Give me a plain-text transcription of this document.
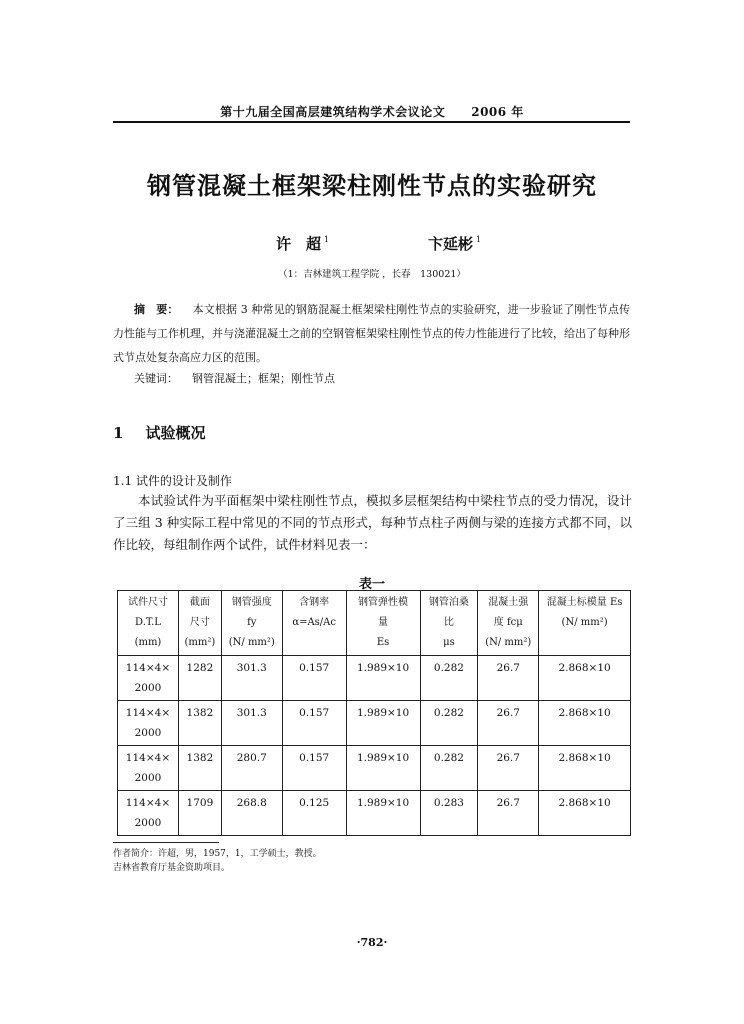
第十九届全国高层建筑结构学术会议论文 2006 年
钢管混凝土框架梁柱刚性节点的实验研究
许　超 $^1$	卞延彬 $^1$
（1：吉林建筑工程学院 ，长春　130021）
摘　要： 本文根据 3 种常见的钢筋混凝土框架梁柱刚性节点的实验研究，进一步验证了刚性节点传力性能与工作机理，并与浇灌混凝土之前的空钢管框架梁柱刚性节点的传力性能进行了比较，给出了每种形式节点处复杂高应力区的范围。
关键词： 钢管混凝土；框架；刚性节点
1 试验概况
1.1 试件的设计及制作
本试验试件为平面框架中梁柱刚性节点，模拟多层框架结构中梁柱节点的受力情况，设计了三组 3 种实际工程中常见的不同的节点形式，每种节点柱子两侧与梁的连接方式都不同，以作比较，每组制作两个试件，试件材料见表一：
表一
试件尺寸
D.T.L
(mm)	截面
尺寸
(mm²)	钢管强度
fy
(N/ mm²)	含钢率
α=As/Ac	钢管弹性模
量
Es	钢管泊桑
比
μs	混凝土强
度 fcμ
(N/ mm²)	混凝土标模量 Es
(N/ mm²)

114×4×
2000	1282	301.3	0.157	1.989×10	0.282	26.7	2.868×10

114×4×
2000	1382	301.3	0.157	1.989×10	0.282	26.7	2.868×10

114×4×
2000	1382	280.7	0.157	1.989×10	0.282	26.7	2.868×10

114×4×
2000	1709	268.8	0.125	1.989×10	0.283	26.7	2.868×10
作者简介：许超，男，1957，1，工学硕士，教授。
吉林省教育厅基金资助项目。
·782·
